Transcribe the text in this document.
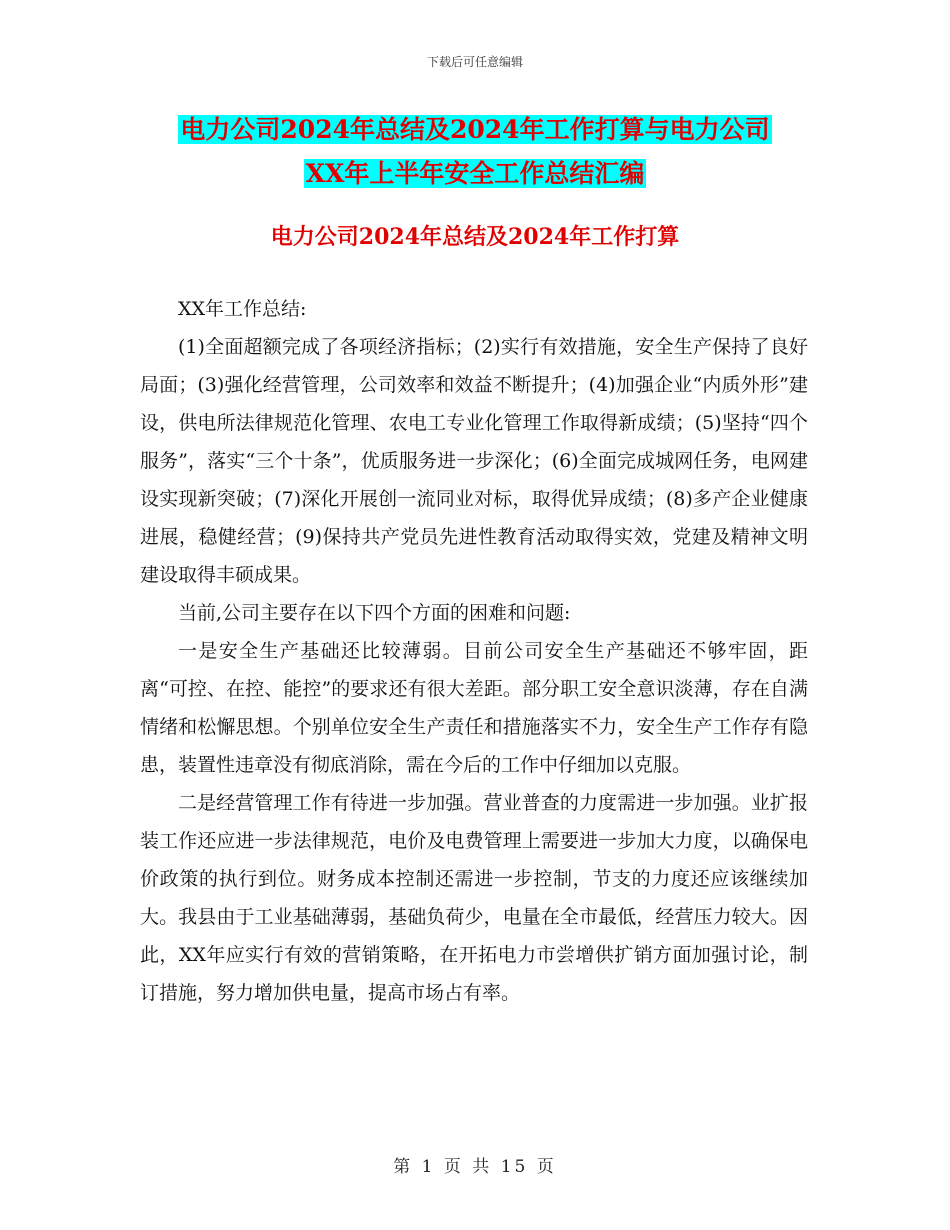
下载后可任意编辑
电力公司2024年总结及2024年工作打算与电力公司
XX年上半年安全工作总结汇编
电力公司2024年总结及2024年工作打算

XX年工作总结:

(1)全面超额完成了各项经济指标；(2)实行有效措施，安全生产保持了良好局面；(3)强化经营管理，公司效率和效益不断提升；(4)加强企业“内质外形”建设，供电所法律规范化管理、农电工专业化管理工作取得新成绩；(5)坚持“四个服务”，落实“三个十条”，优质服务进一步深化；(6)全面完成城网任务，电网建设实现新突破；(7)深化开展创一流同业对标，取得优异成绩；(8)多产企业健康进展，稳健经营；(9)保持共产党员先进性教育活动取得实效，党建及精神文明建设取得丰硕成果。

当前,公司主要存在以下四个方面的困难和问题:

一是安全生产基础还比较薄弱。目前公司安全生产基础还不够牢固，距离“可控、在控、能控”的要求还有很大差距。部分职工安全意识淡薄，存在自满情绪和松懈思想。个别单位安全生产责任和措施落实不力，安全生产工作存有隐患，装置性违章没有彻底消除，需在今后的工作中仔细加以克服。

二是经营管理工作有待进一步加强。营业普查的力度需进一步加强。业扩报装工作还应进一步法律规范，电价及电费管理上需要进一步加大力度，以确保电价政策的执行到位。财务成本控制还需进一步控制，节支的力度还应该继续加大。我县由于工业基础薄弱，基础负荷少，电量在全市最低，经营压力较大。因此，XX年应实行有效的营销策略，在开拓电力市尝增供扩销方面加强讨论，制订措施，努力增加供电量，提高市场占有率。

第 1 页 共 15 页
